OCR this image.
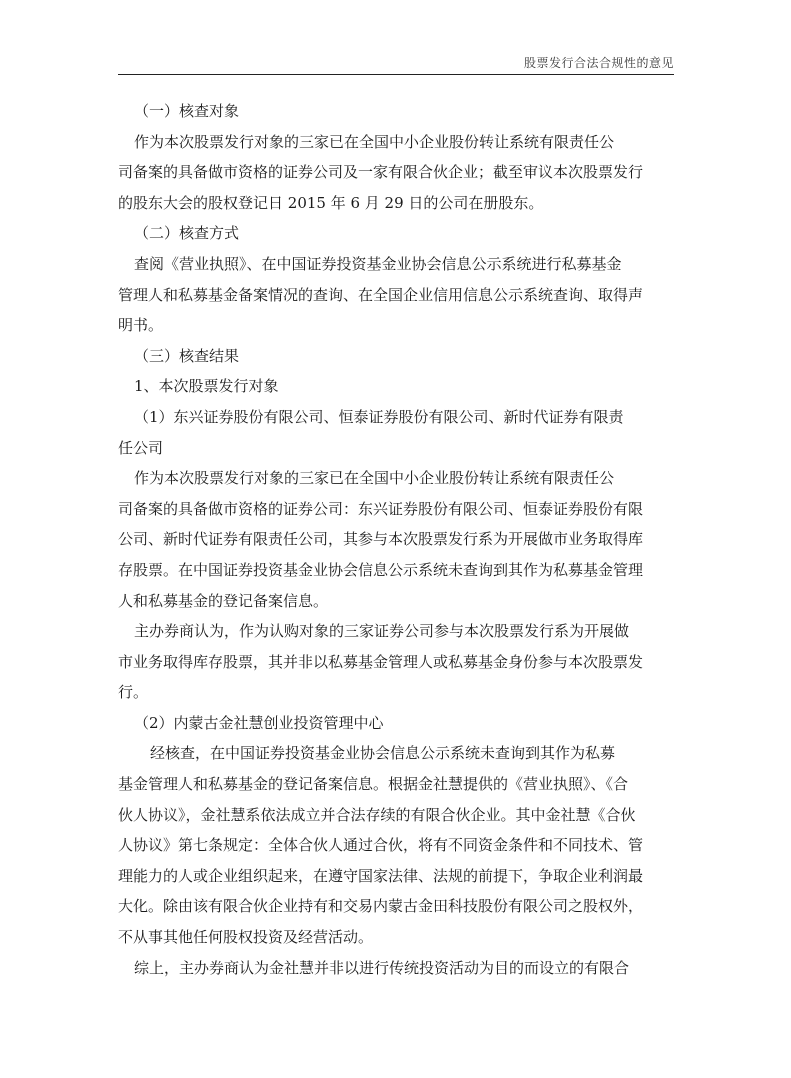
股票发行合法合规性的意见
（一）核查对象
作为本次股票发行对象的三家已在全国中小企业股份转让系统有限责任公
司备案的具备做市资格的证券公司及一家有限合伙企业；截至审议本次股票发行
的股东大会的股权登记日 2015 年 6 月 29 日的公司在册股东。
（二）核查方式
查阅《营业执照》、在中国证券投资基金业协会信息公示系统进行私募基金
管理人和私募基金备案情况的查询、在全国企业信用信息公示系统查询、取得声
明书。
（三）核查结果
1、本次股票发行对象
（1）东兴证券股份有限公司、恒泰证券股份有限公司、新时代证券有限责
任公司
作为本次股票发行对象的三家已在全国中小企业股份转让系统有限责任公
司备案的具备做市资格的证券公司：东兴证券股份有限公司、恒泰证券股份有限
公司、新时代证券有限责任公司，其参与本次股票发行系为开展做市业务取得库
存股票。在中国证券投资基金业协会信息公示系统未查询到其作为私募基金管理
人和私募基金的登记备案信息。
主办券商认为，作为认购对象的三家证券公司参与本次股票发行系为开展做
市业务取得库存股票，其并非以私募基金管理人或私募基金身份参与本次股票发
行。
（2）内蒙古金社慧创业投资管理中心
经核查，在中国证券投资基金业协会信息公示系统未查询到其作为私募
基金管理人和私募基金的登记备案信息。根据金社慧提供的《营业执照》、《合
伙人协议》，金社慧系依法成立并合法存续的有限合伙企业。其中金社慧《合伙
人协议》第七条规定：全体合伙人通过合伙，将有不同资金条件和不同技术、管
理能力的人或企业组织起来，在遵守国家法律、法规的前提下，争取企业利润最
大化。除由该有限合伙企业持有和交易内蒙古金田科技股份有限公司之股权外，
不从事其他任何股权投资及经营活动。
综上，主办券商认为金社慧并非以进行传统投资活动为目的而设立的有限合
